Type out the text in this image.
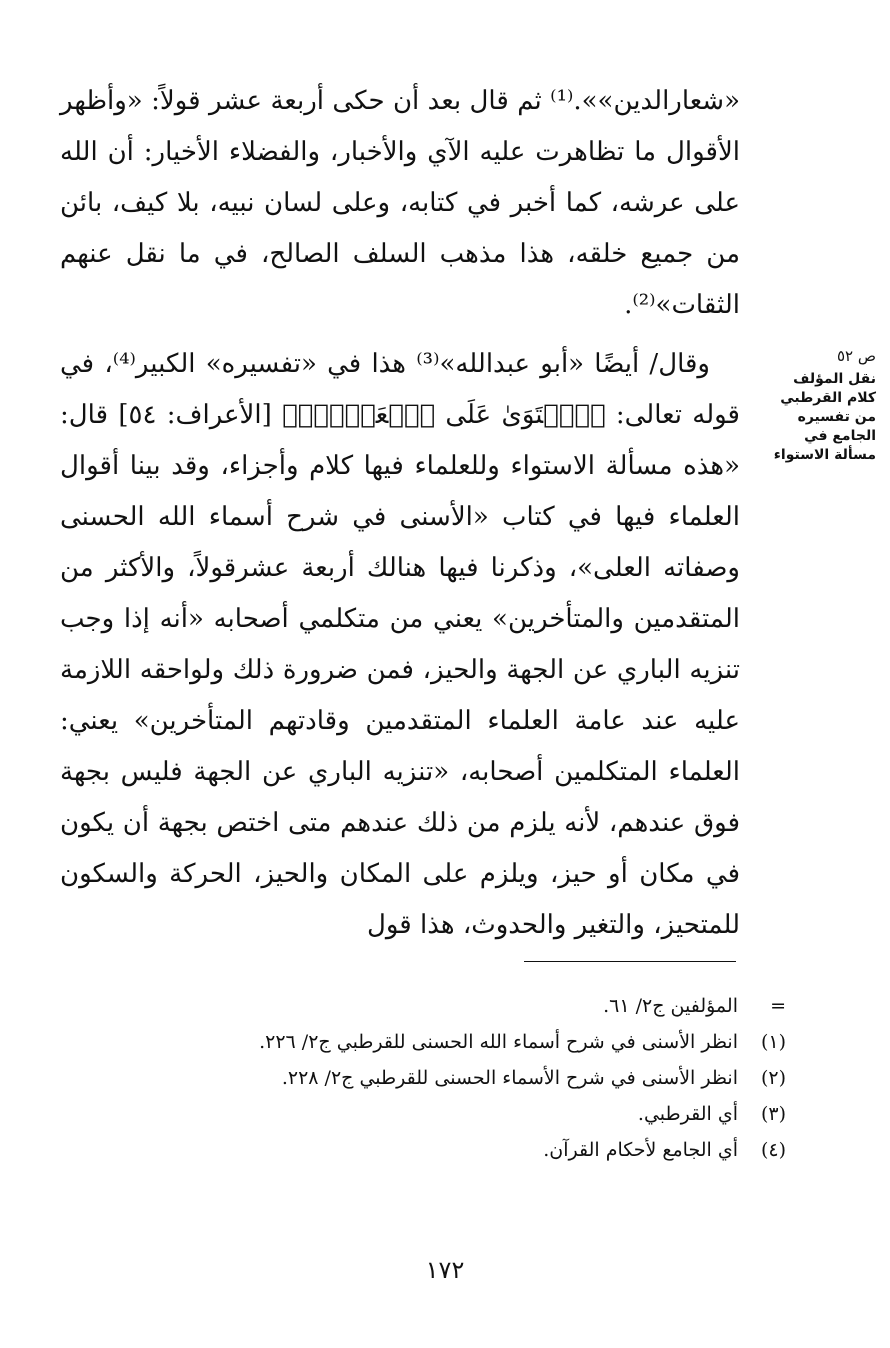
«شعارالدين»».⁽¹⁾ ثم قال بعد أن حكى أربعة عشر قولاً: «وأظهر الأقوال ما تظاهرت عليه الآي والأخبار، والفضلاء الأخيار: أن الله على عرشه، كما أخبر في كتابه، وعلى لسان نبيه، بلا كيف، بائن من جميع خلقه، هذا مذهب السلف الصالح، في ما نقل عنهم الثقات»⁽²⁾.

وقال/ أيضًا «أبو عبدالله»⁽³⁾ هذا في «تفسيره» الكبير⁽⁴⁾، في قوله تعالى: ﴿ٱسۡتَوَىٰ عَلَى ٱلۡعَرۡشِۖ﴾ [الأعراف: ٥٤] قال: «هذه مسألة الاستواء وللعلماء فيها كلام وأجزاء، وقد بينا أقوال العلماء فيها في كتاب «الأسنى في شرح أسماء الله الحسنى وصفاته العلى»، وذكرنا فيها هنالك أربعة عشرقولاً، والأكثر من المتقدمين والمتأخرين» يعني من متكلمي أصحابه «أنه إذا وجب تنزيه الباري عن الجهة والحيز، فمن ضرورة ذلك ولواحقه اللازمة عليه عند عامة العلماء المتقدمين وقادتهم المتأخرين» يعني: العلماء المتكلمين أصحابه، «تنزيه الباري عن الجهة فليس بجهة فوق عندهم، لأنه يلزم من ذلك عندهم متى اختص بجهة أن يكون في مكان أو حيز، ويلزم على المكان والحيز، الحركة والسكون للمتحيز، والتغير والحدوث، هذا قول

ص ٥٢
نقل المؤلف كلام القرطبي من تفسيره الجامع في مسألة الاستواء
=
المؤلفين ج٢/ ٦١.
(١)
انظر الأسنى في شرح أسماء الله الحسنى للقرطبي ج٢/ ٢٢٦.
(٢)
انظر الأسنى في شرح الأسماء الحسنى للقرطبي ج٢/ ٢٢٨.
(٣)
أي القرطبي.
(٤)
أي الجامع لأحكام القرآن.
١٧٢
